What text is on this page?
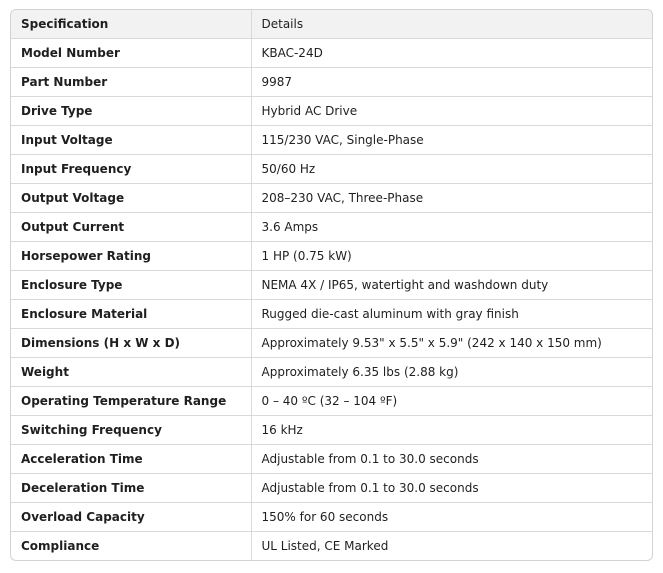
Specification	Details
Model Number	KBAC-24D
Part Number	9987
Drive Type	Hybrid AC Drive
Input Voltage	115/230 VAC, Single-Phase
Input Frequency	50/60 Hz
Output Voltage	208–230 VAC, Three-Phase
Output Current	3.6 Amps
Horsepower Rating	1 HP (0.75 kW)
Enclosure Type	NEMA 4X / IP65, watertight and washdown duty
Enclosure Material	Rugged die-cast aluminum with gray finish
Dimensions (H x W x D)	Approximately 9.53" x 5.5" x 5.9" (242 x 140 x 150 mm)
Weight	Approximately 6.35 lbs (2.88 kg)
Operating Temperature Range	0 – 40 ºC (32 – 104 ºF)
Switching Frequency	16 kHz
Acceleration Time	Adjustable from 0.1 to 30.0 seconds
Deceleration Time	Adjustable from 0.1 to 30.0 seconds
Overload Capacity	150% for 60 seconds
Compliance	UL Listed, CE Marked
